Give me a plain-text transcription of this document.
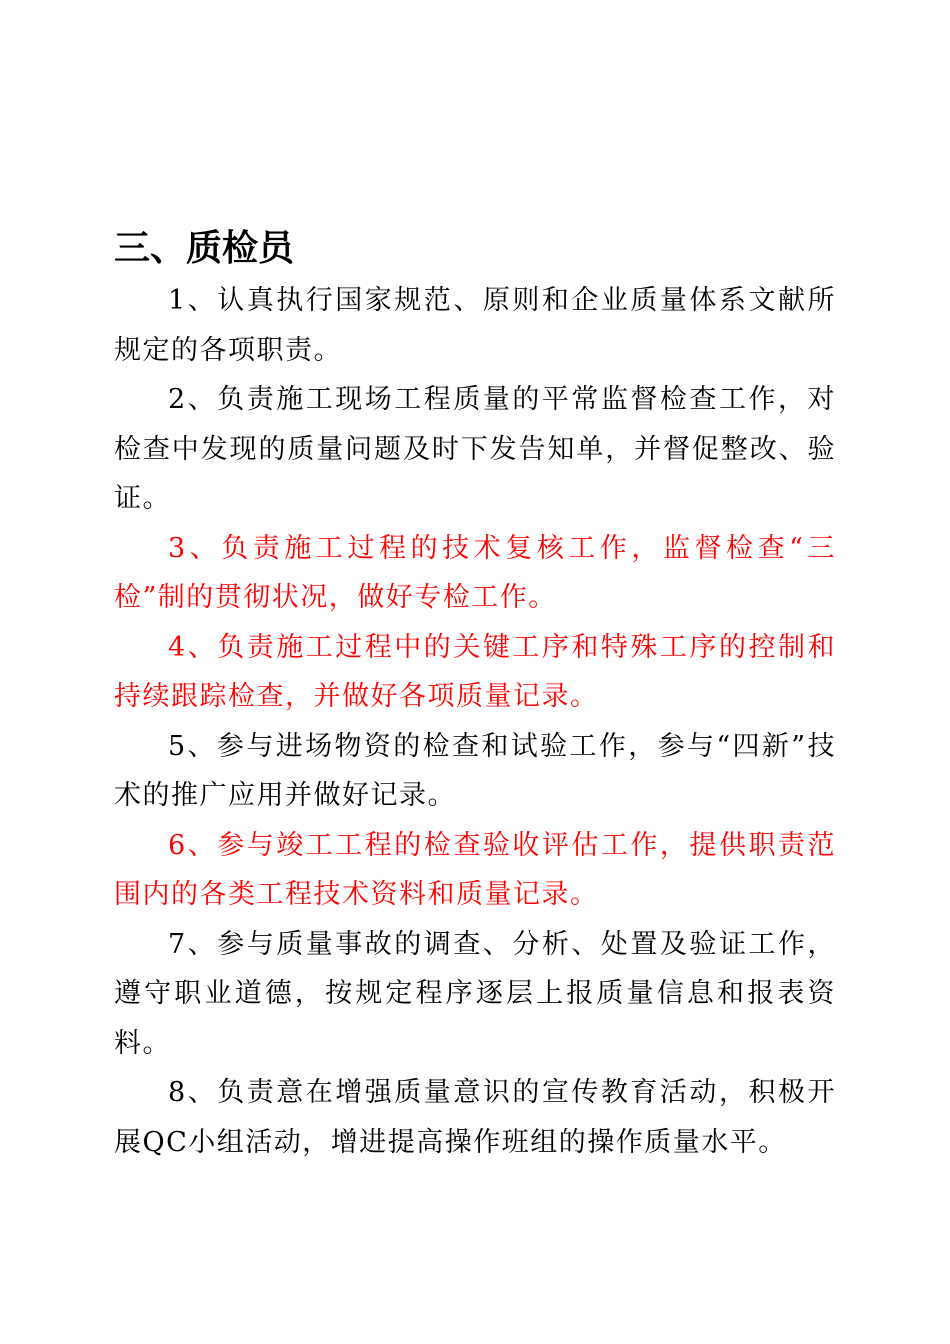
三、质检员

1、认真执行国家规范、原则和企业质量体系文献所规定的各项职责。

2、负责施工现场工程质量的平常监督检查工作，对检查中发现的质量问题及时下发告知单，并督促整改、验证。

3、负责施工过程的技术复核工作，监督检查“三检”制的贯彻状况，做好专检工作。

4、负责施工过程中的关键工序和特殊工序的控制和持续跟踪检查，并做好各项质量记录。

5、参与进场物资的检查和试验工作，参与“四新”技术的推广应用并做好记录。

6、参与竣工工程的检查验收评估工作，提供职责范围内的各类工程技术资料和质量记录。

7、参与质量事故的调查、分析、处置及验证工作，遵守职业道德，按规定程序逐层上报质量信息和报表资料。

8、负责意在增强质量意识的宣传教育活动，积极开展QC小组活动，增进提高操作班组的操作质量水平。
